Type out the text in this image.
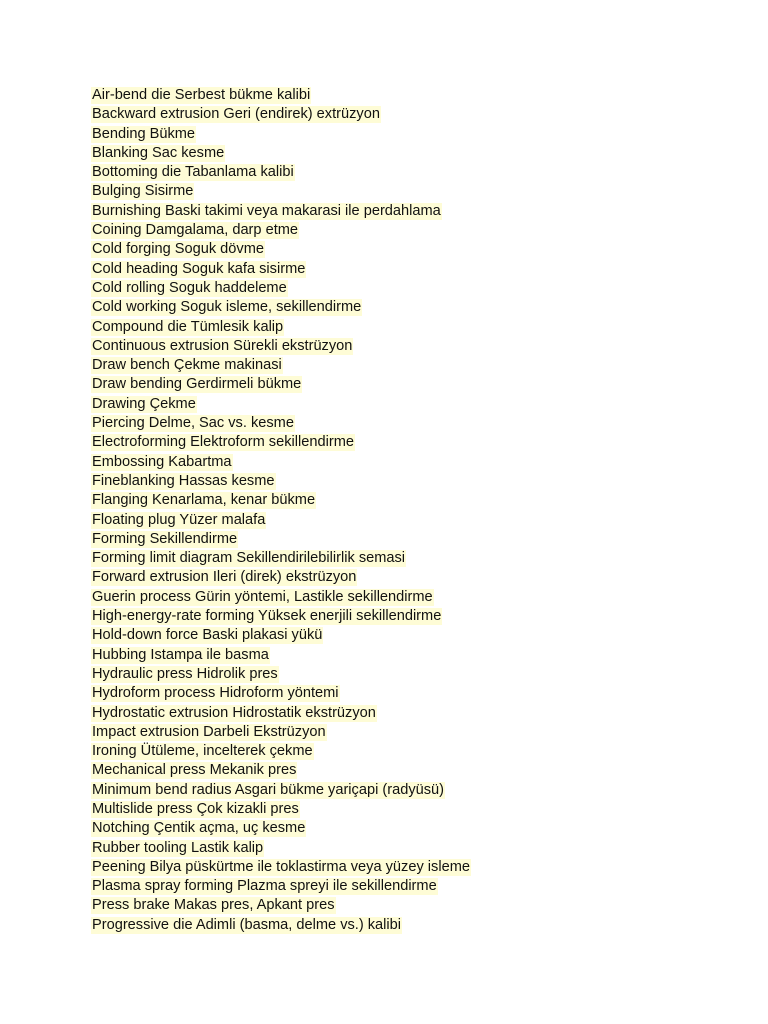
Air-bend die Serbest bükme kalibi
Backward extrusion Geri (endirek) extrüzyon
Bending Bükme
Blanking Sac kesme
Bottoming die Tabanlama kalibi
Bulging Sisirme
Burnishing Baski takimi veya makarasi ile perdahlama
Coining Damgalama, darp etme
Cold forging Soguk dövme
Cold heading Soguk kafa sisirme
Cold rolling Soguk haddeleme
Cold working Soguk isleme, sekillendirme
Compound die Tümlesik kalip
Continuous extrusion Sürekli ekstrüzyon
Draw bench Çekme makinasi
Draw bending Gerdirmeli bükme
Drawing Çekme
Piercing Delme, Sac vs. kesme
Electroforming Elektroform sekillendirme
Embossing Kabartma
Fineblanking Hassas kesme
Flanging Kenarlama, kenar bükme
Floating plug Yüzer malafa
Forming Sekillendirme
Forming limit diagram Sekillendirilebilirlik semasi
Forward extrusion Ileri (direk) ekstrüzyon
Guerin process Gürin yöntemi, Lastikle sekillendirme
High-energy-rate forming Yüksek enerjili sekillendirme
Hold-down force Baski plakasi yükü
Hubbing Istampa ile basma
Hydraulic press Hidrolik pres
Hydroform process Hidroform yöntemi
Hydrostatic extrusion Hidrostatik ekstrüzyon
Impact extrusion Darbeli Ekstrüzyon
Ironing Ütüleme, incelterek çekme
Mechanical press Mekanik pres
Minimum bend radius Asgari bükme yariçapi (radyüsü)
Multislide press Çok kizakli pres
Notching Çentik açma, uç kesme
Rubber tooling Lastik kalip
Peening Bilya püskürtme ile toklastirma veya yüzey isleme
Plasma spray forming Plazma spreyi ile sekillendirme
Press brake Makas pres, Apkant pres
Progressive die Adimli (basma, delme vs.) kalibi
